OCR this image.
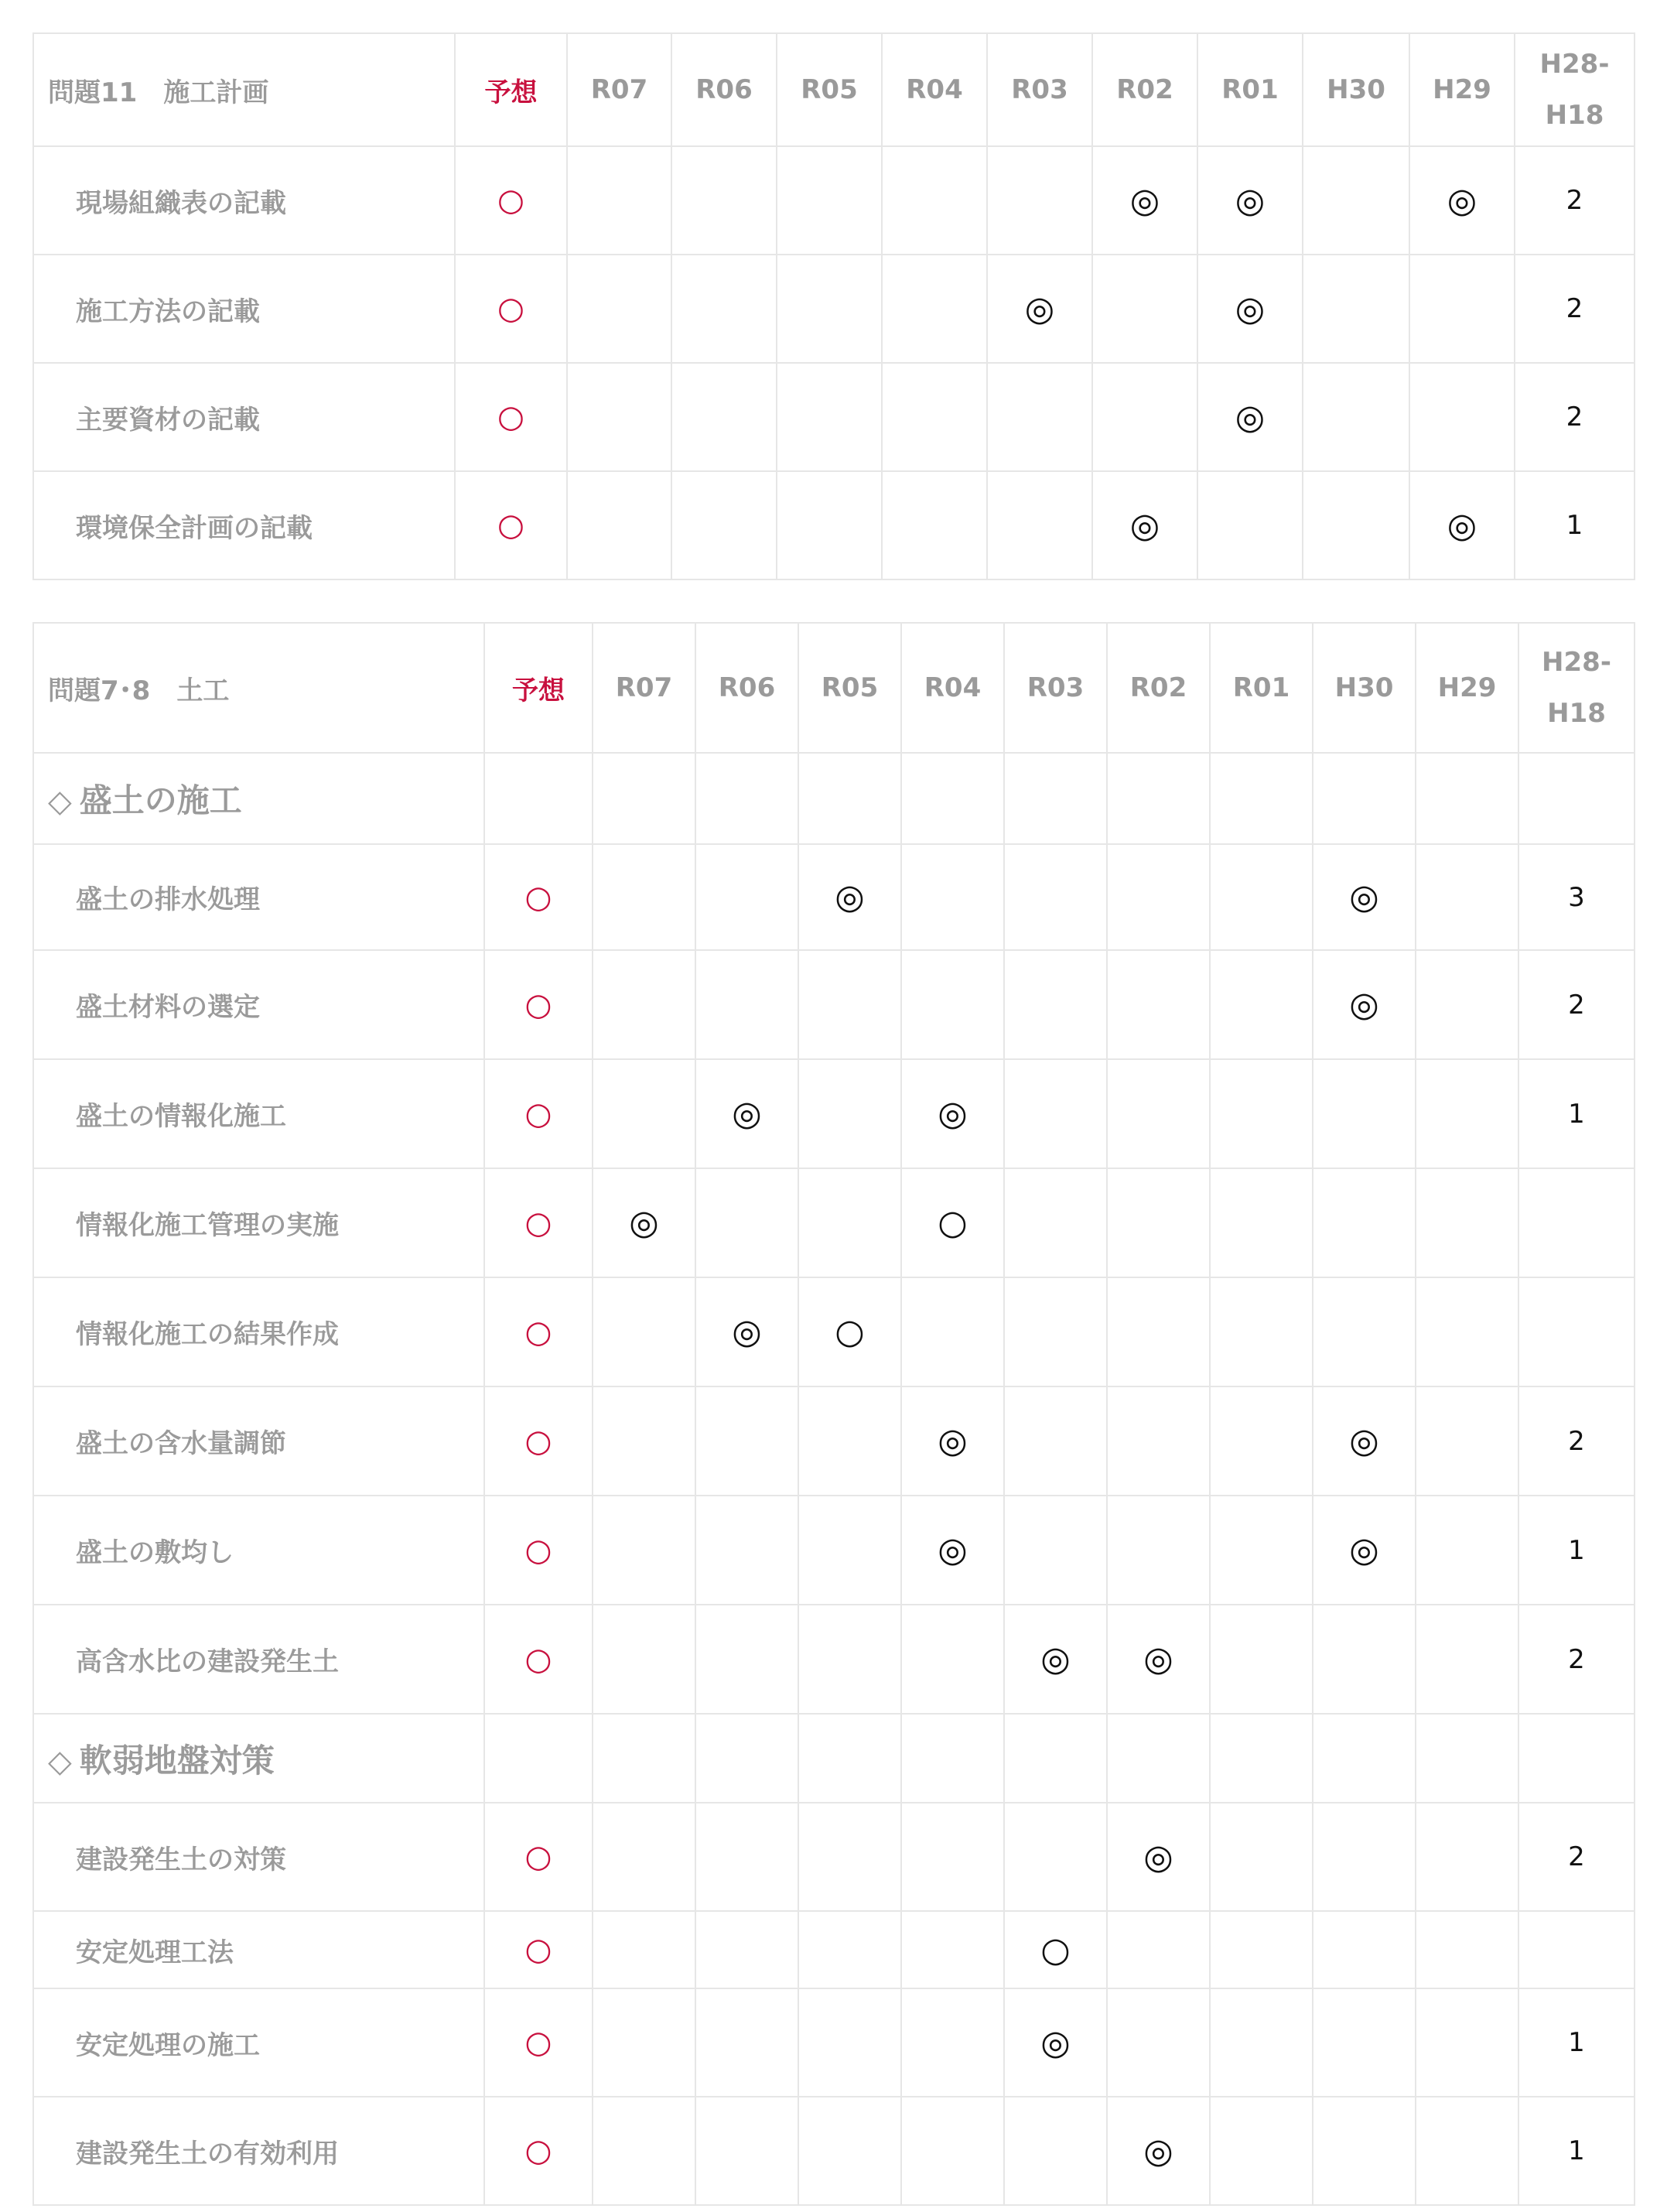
問題11　施工計画	予想	R07	R06	R05	R04	R03	R02	R01	H30	H29	H28-
H18

現場組織表の記載	○						◎	◎		◎	2
施工方法の記載	○					◎		◎			2
主要資材の記載	○							◎			2
環境保全計画の記載	○						◎			◎	1
問題7･8　土工	予想	R07	R06	R05	R04	R03	R02	R01	H30	H29	H28-
H18

◇ 盛土の施工											
盛土の排水処理	○			◎					◎		3
盛土材料の選定	○								◎		2
盛土の情報化施工	○		◎		◎						1
情報化施工管理の実施	○	◎			○						
情報化施工の結果作成	○		◎	○							
盛土の含水量調節	○				◎				◎		2
盛土の敷均し	○				◎				◎		1
高含水比の建設発生土	○					◎	◎				2
◇ 軟弱地盤対策											
建設発生土の対策	○						◎				2
安定処理工法	○					○					
安定処理の施工	○					◎					1
建設発生土の有効利用	○						◎				1
